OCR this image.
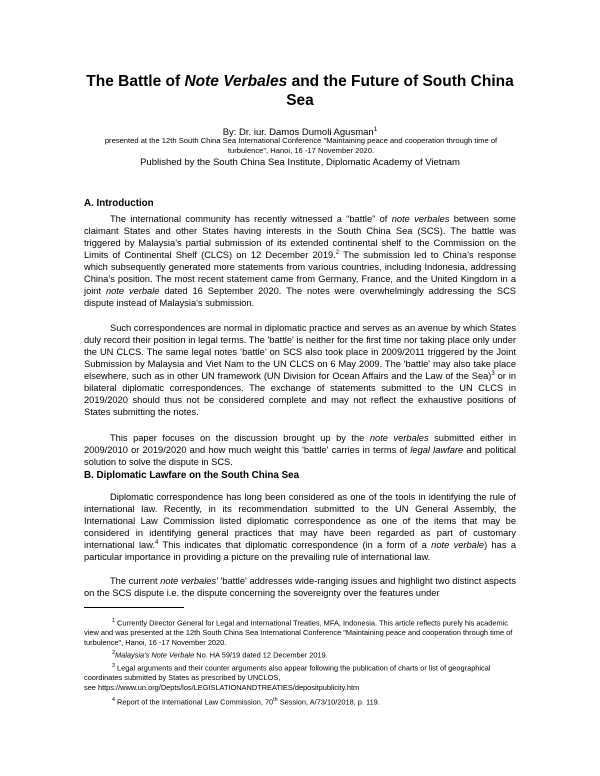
The Battle of Note Verbales and the Future of South China
Sea
By: Dr. iur. Damos Dumoli Agusman$^1$
presented at the 12th South China Sea International Conference "Maintaining peace and cooperation through time of
turbulence", Hanoi, 16 -17 November 2020.
Published by the South China Sea Institute, Diplomatic Academy of Vietnam
A. Introduction
The international community has recently witnessed a “battle” of note verbales between some claimant States and other States having interests in the South China Sea (SCS). The battle was triggered by Malaysia’s partial submission of its extended continental shelf to the Commission on the Limits of Continental Shelf (CLCS) on 12 December 2019.$^2$ The submission led to China’s response which subsequently generated more statements from various countries, including Indonesia, addressing China’s position. The most recent statement came from Germany, France, and the United Kingdom in a joint note verbale dated 16 September 2020. The notes were overwhelmingly addressing the SCS dispute instead of Malaysia's submission.
Such correspondences are normal in diplomatic practice and serves as an avenue by which States duly record their position in legal terms. The 'battle' is neither for the first time nor taking place only under the UN CLCS. The same legal notes ‘battle’ on SCS also took place in 2009/2011 triggered by the Joint Submission by Malaysia and Viet Nam to the UN CLCS on 6 May 2009. The 'battle' may also take place elsewhere, such as in other UN framework (UN Division for Ocean Affairs and the Law of the Sea)$^3$ or in bilateral diplomatic correspondences. The exchange of statements submitted to the UN CLCS in 2019/2020 should thus not be considered complete and may not reflect the exhaustive positions of States submitting the notes.
This paper focuses on the discussion brought up by the note verbales submitted either in 2009/2010 or 2019/2020 and how much weight this 'battle' carries in terms of legal lawfare and political solution to solve the dispute in SCS.
B. Diplomatic Lawfare on the South China Sea
Diplomatic correspondence has long been considered as one of the tools in identifying the rule of international law. Recently, in its recommendation submitted to the UN General Assembly, the International Law Commission listed diplomatic correspondence as one of the items that may be considered in identifying general practices that may have been regarded as part of customary international law.$^4$ This indicates that diplomatic correspondence (in a form of a note verbale) has a particular importance in providing a picture on the prevailing rule of international law.
The current note verbales' 'battle' addresses wide-ranging issues and highlight two distinct aspects on the SCS dispute i.e. the dispute concerning the sovereignty over the features under
$^1$ Currently Director General for Legal and International Treaties, MFA, Indonesia. This article reflects purely his academic view and was presented at the 12th South China Sea International Conference "Maintaining peace and cooperation through time of turbulence", Hanoi, 16 -17 November 2020.
$^2$Malaysia's Note Verbale No. HA 59/19 dated 12 December 2019.
$^3$ Legal arguments and their counter arguments also appear following the publication of charts or list of geographical coordinates submitted by States as prescribed by UNCLOS,
see https://www.un.org/Depts/los/LEGISLATIONANDTREATIES/depositpublicity.htm
$^4$ Report of the International Law Commission, 70th Session, A/73/10/2018, p. 119.
